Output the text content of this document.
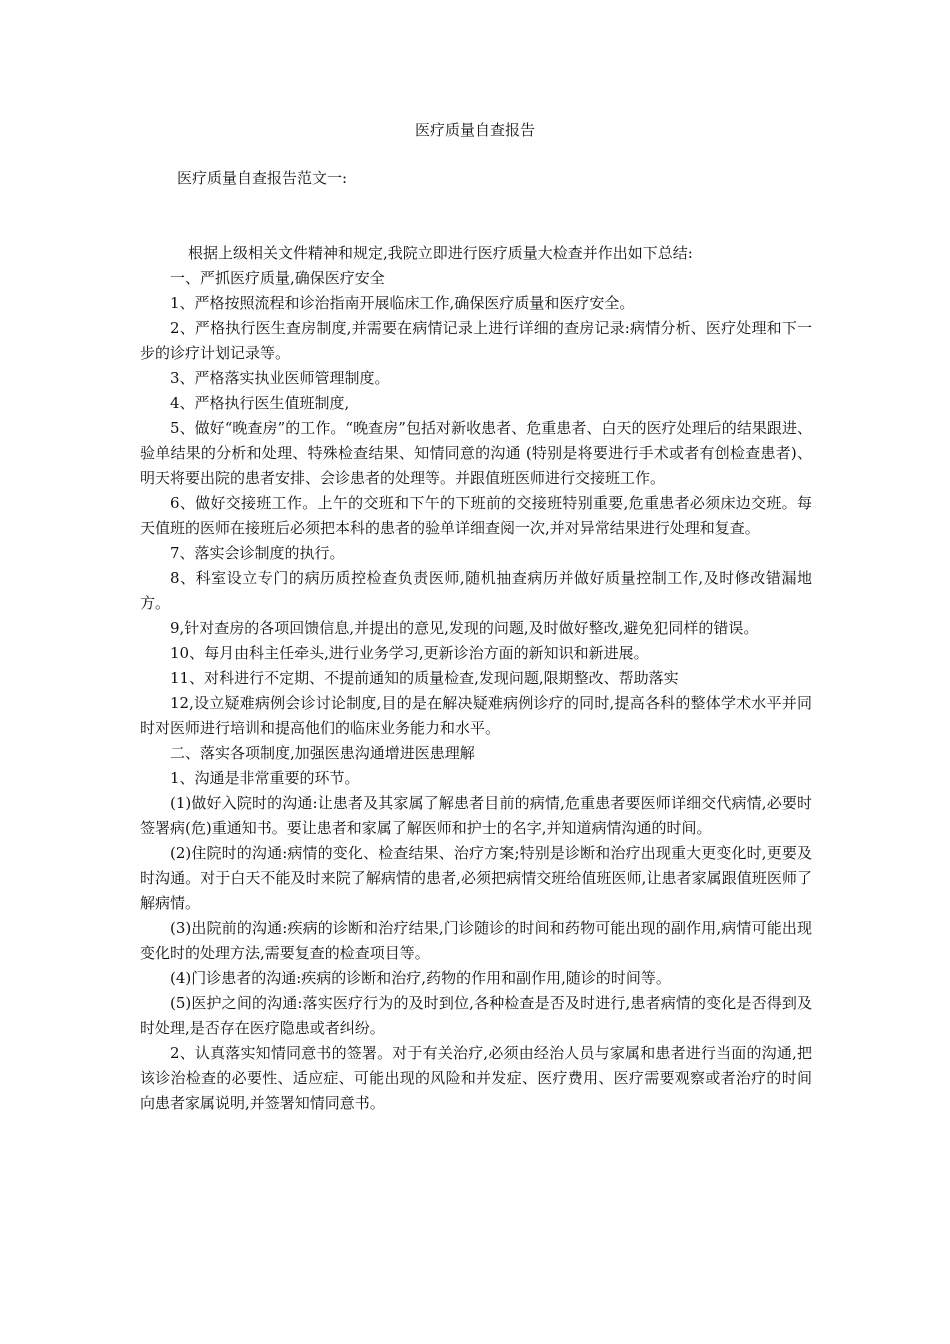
医疗质量自查报告
医疗质量自查报告范文一:

根据上级相关文件精神和规定,我院立即进行医疗质量大检查并作出如下总结:

一、严抓医疗质量,确保医疗安全

1、严格按照流程和诊治指南开展临床工作,确保医疗质量和医疗安全。

2、严格执行医生查房制度,并需要在病情记录上进行详细的查房记录:病情分析、医疗处理和下一步的诊疗计划记录等。

3、严格落实执业医师管理制度。

4、严格执行医生值班制度,

5、做好“晚查房”的工作。“晚查房”包括对新收患者、危重患者、白天的医疗处理后的结果跟进、验单结果的分析和处理、特殊检查结果、知情同意的沟通 (特别是将要进行手术或者有创检查患者)、明天将要出院的患者安排、会诊患者的处理等。并跟值班医师进行交接班工作。

6、做好交接班工作。上午的交班和下午的下班前的交接班特别重要,危重患者必须床边交班。每天值班的医师在接班后必须把本科的患者的验单详细查阅一次,并对异常结果进行处理和复查。

7、落实会诊制度的执行。

8、科室设立专门的病历质控检查负责医师,随机抽查病历并做好质量控制工作,及时修改错漏地方。

9,针对查房的各项回馈信息,并提出的意见,发现的问题,及时做好整改,避免犯同样的错误。

10、每月由科主任牵头,进行业务学习,更新诊治方面的新知识和新进展。

11、对科进行不定期、不提前通知的质量检查,发现问题,限期整改、帮助落实

12,设立疑难病例会诊讨论制度,目的是在解决疑难病例诊疗的同时,提高各科的整体学术水平并同时对医师进行培训和提高他们的临床业务能力和水平。

二、落实各项制度,加强医患沟通增进医患理解

1、沟通是非常重要的环节。

(1)做好入院时的沟通:让患者及其家属了解患者目前的病情,危重患者要医师详细交代病情,必要时签署病(危)重通知书。要让患者和家属了解医师和护士的名字,并知道病情沟通的时间。

(2)住院时的沟通:病情的变化、检查结果、治疗方案;特别是诊断和治疗出现重大更变化时,更要及时沟通。对于白天不能及时来院了解病情的患者,必须把病情交班给值班医师,让患者家属跟值班医师了解病情。

(3)出院前的沟通:疾病的诊断和治疗结果,门诊随诊的时间和药物可能出现的副作用,病情可能出现变化时的处理方法,需要复查的检查项目等。

(4)门诊患者的沟通:疾病的诊断和治疗,药物的作用和副作用,随诊的时间等。

(5)医护之间的沟通:落实医疗行为的及时到位,各种检查是否及时进行,患者病情的变化是否得到及时处理,是否存在医疗隐患或者纠纷。

2、认真落实知情同意书的签署。对于有关治疗,必须由经治人员与家属和患者进行当面的沟通,把该诊治检查的必要性、适应症、可能出现的风险和并发症、医疗费用、医疗需要观察或者治疗的时间向患者家属说明,并签署知情同意书。
